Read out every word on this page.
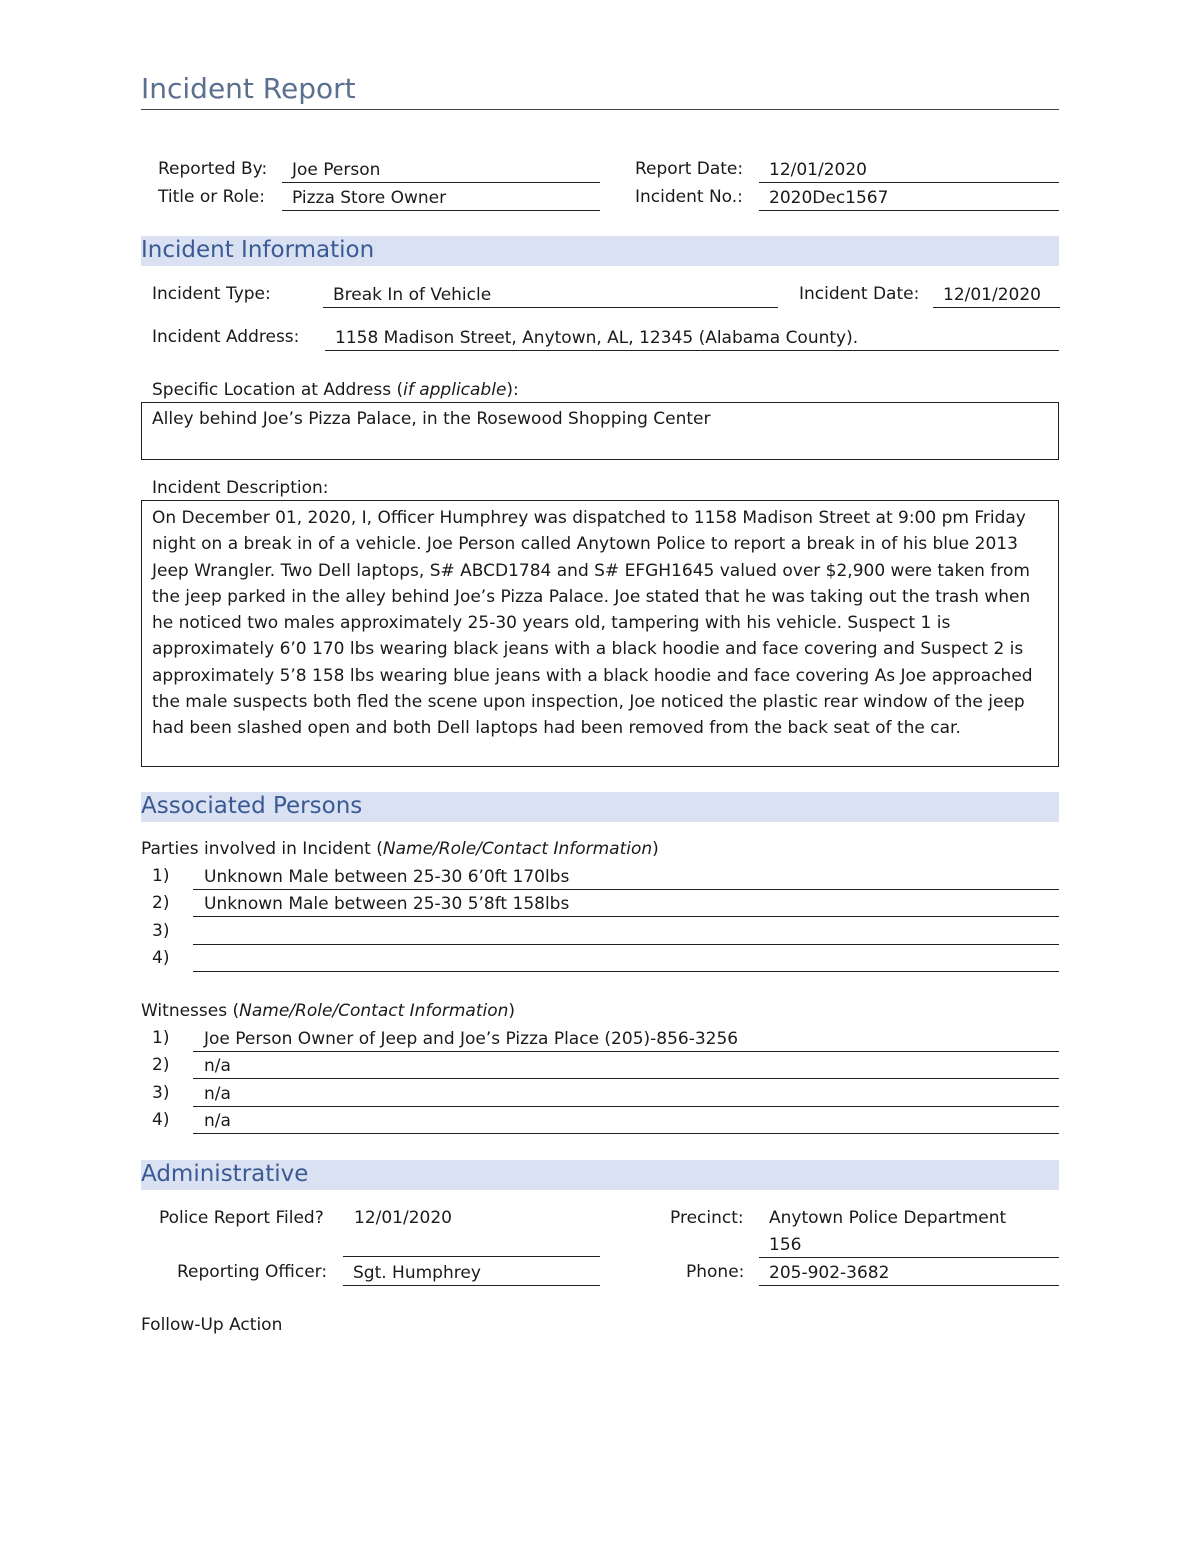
Incident Report
Reported By:	Joe Person
Title or Role:	Pizza Store Owner
Report Date:	12/01/2020
Incident No.:	2020Dec1567
Incident Information
Incident Type:	Break In of Vehicle	Incident Date:	12/01/2020
Incident Address:	1158 Madison Street, Anytown, AL, 12345 (Alabama County).
Specific Location at Address (if applicable):
Alley behind Joe’s Pizza Palace, in the Rosewood Shopping Center
Incident Description:
On December 01, 2020, I, Officer Humphrey was dispatched to 1158 Madison Street at 9:00 pm Friday night on a break in of a vehicle. Joe Person called Anytown Police to report a break in of his blue 2013 Jeep Wrangler. Two Dell laptops, S# ABCD1784 and S# EFGH1645 valued over $2,900 were taken from the jeep parked in the alley behind Joe’s Pizza Palace. Joe stated that he was taking out the trash when he noticed two males approximately 25-30 years old, tampering with his vehicle. Suspect 1 is approximately 6’0 170 lbs wearing black jeans with a black hoodie and face covering and Suspect 2 is approximately 5’8 158 lbs wearing blue jeans with a black hoodie and face covering As Joe approached the male suspects both fled the scene upon inspection, Joe noticed the plastic rear window of the jeep had been slashed open and both Dell laptops had been removed from the back seat of the car.
Associated Persons
Parties involved in Incident (Name/Role/Contact Information)
1)	Unknown Male between 25-30 6’0ft 170lbs
2)	Unknown Male between 25-30 5’8ft 158lbs
3)
4)
Witnesses (Name/Role/Contact Information)
1)	Joe Person Owner of Jeep and Joe’s Pizza Place (205)-856-3256
2)	n/a
3)	n/a
4)	n/a
Administrative
Police Report Filed? 12/01/2020	Precinct: Anytown Police Department
156
Reporting Officer:	Sgt. Humphrey	Phone:	205-902-3682
Follow-Up Action
